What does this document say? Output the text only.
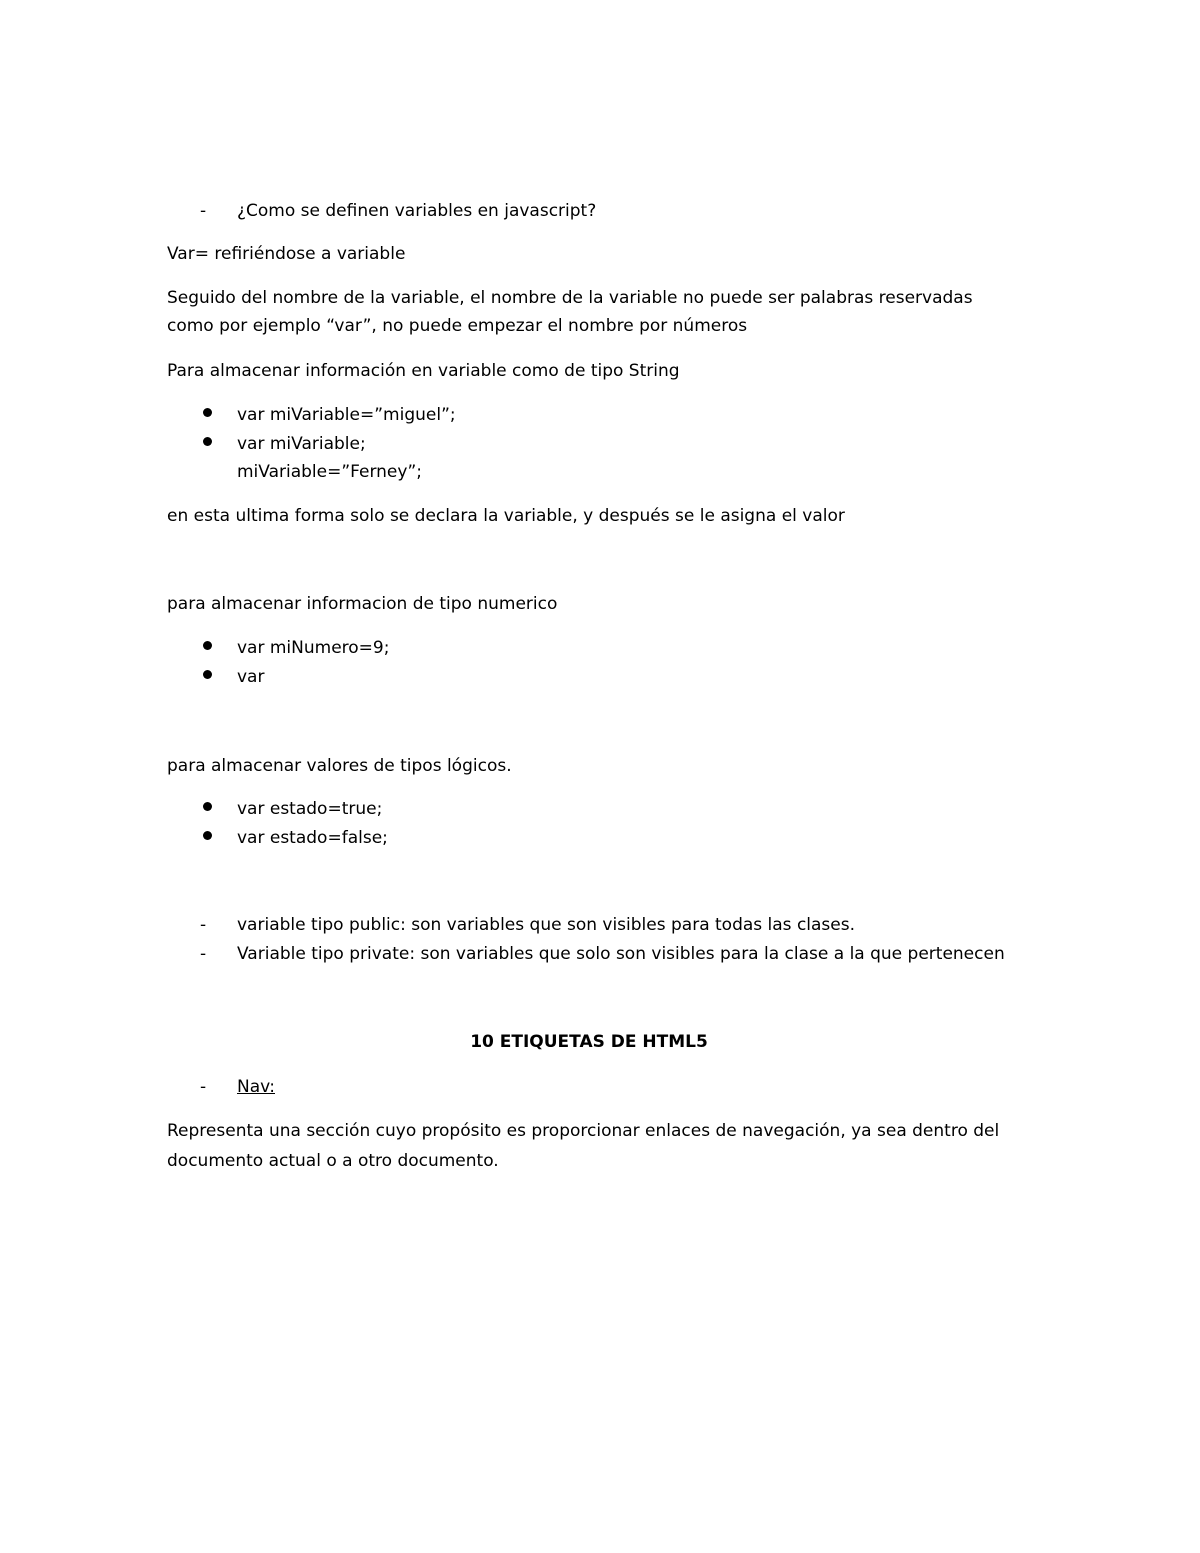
- ¿Como se definen variables en javascript?
Var= refiriéndose a variable
Seguido del nombre de la variable, el nombre de la variable no puede ser palabras reservadas
como por ejemplo “var”, no puede empezar el nombre por números
Para almacenar información en variable como de tipo String
var miVariable=”miguel”;
var miVariable;
miVariable=”Ferney”;
en esta ultima forma solo se declara la variable, y después se le asigna el valor
para almacenar informacion de tipo numerico
var miNumero=9;
var
para almacenar valores de tipos lógicos.
var estado=true;
var estado=false;
- variable tipo public: son variables que son visibles para todas las clases.
- Variable tipo private: son variables que solo son visibles para la clase a la que pertenecen
10 ETIQUETAS DE HTML5
- Nav:
Representa una sección cuyo propósito es proporcionar enlaces de navegación, ya sea dentro del
documento actual o a otro documento.
